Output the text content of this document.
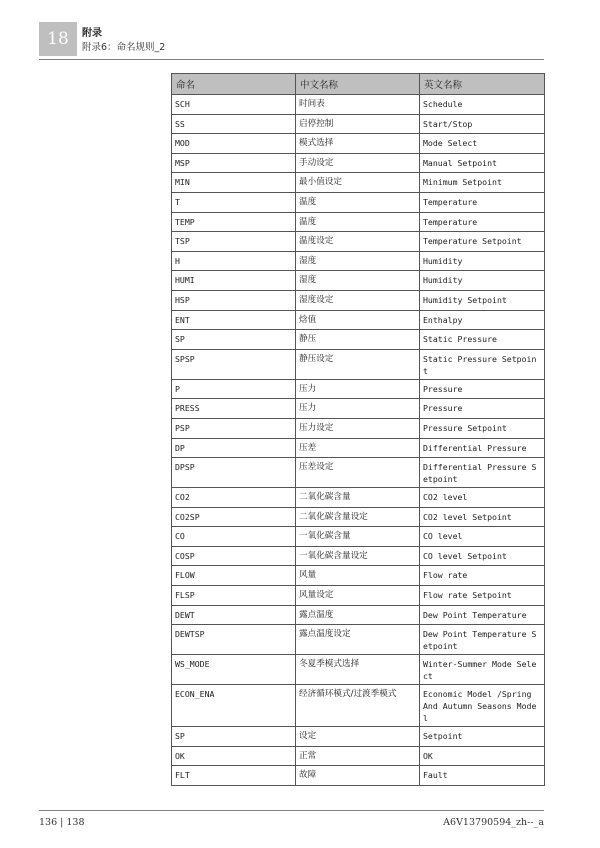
18	附录
附录6：命名规则_2
命名	中文名称	英文名称
SCH	时间表	Schedule
SS	启停控制	Start/Stop
MOD	模式选择	Mode Select
MSP	手动设定	Manual Setpoint
MIN	最小值设定	Minimum Setpoint
T	温度	Temperature
TEMP	温度	Temperature
TSP	温度设定	Temperature Setpoint
H	湿度	Humidity
HUMI	湿度	Humidity
HSP	湿度设定	Humidity Setpoint
ENT	焓值	Enthalpy
SP	静压	Static Pressure
SPSP	静压设定	Static Pressure Setpoint
P	压力	Pressure
PRESS	压力	Pressure
PSP	压力设定	Pressure Setpoint
DP	压差	Differential Pressure
DPSP	压差设定	Differential Pressure Setpoint
CO2	二氧化碳含量	CO2 level
CO2SP	二氧化碳含量设定	CO2 level Setpoint
CO	一氧化碳含量	CO level
COSP	一氧化碳含量设定	CO level Setpoint
FLOW	风量	Flow rate
FLSP	风量设定	Flow rate Setpoint
DEWT	露点温度	Dew Point Temperature
DEWTSP	露点温度设定	Dew Point Temperature Setpoint
WS_MODE	冬夏季模式选择	Winter-Summer Mode Select
ECON_ENA	经济循环模式/过渡季模式	Economic Model /Spring And Autumn Seasons Model
SP	设定	Setpoint
OK	正常	OK
FLT	故障	Fault
136 | 138	A6V13790594_zh--_a
